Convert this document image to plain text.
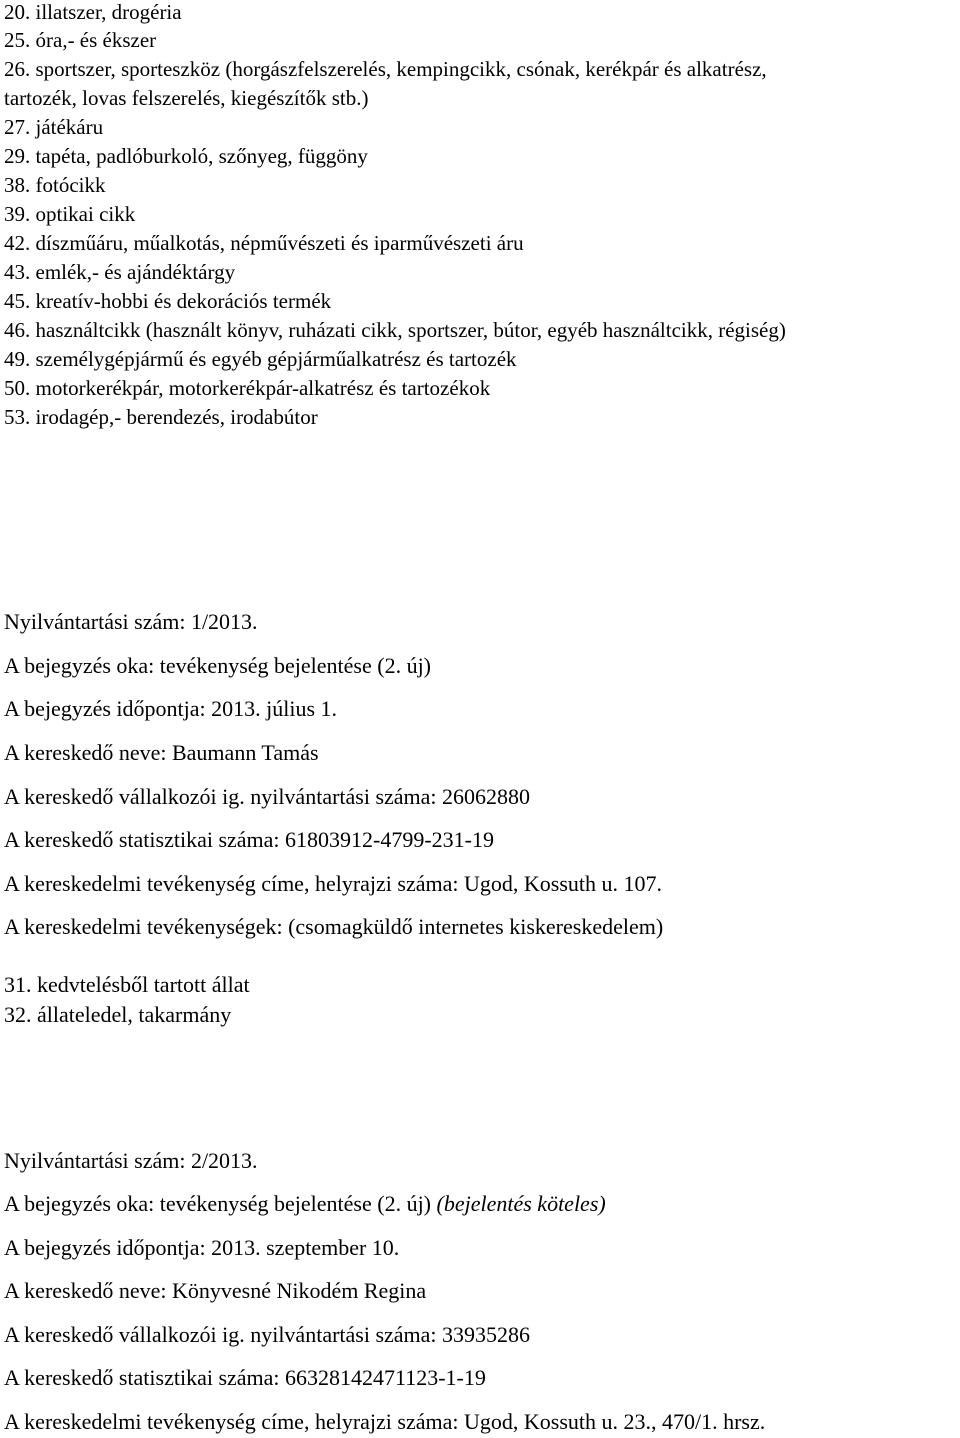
20. illatszer, drogéria
25. óra,- és ékszer
26. sportszer, sporteszköz (horgászfelszerelés, kempingcikk, csónak, kerékpár és alkatrész,
tartozék, lovas felszerelés, kiegészítők stb.)
27. játékáru
29. tapéta, padlóburkoló, szőnyeg, függöny
38. fotócikk
39. optikai cikk
42. díszműáru, műalkotás, népművészeti és iparművészeti áru
43. emlék,- és ajándéktárgy
45. kreatív-hobbi és dekorációs termék
46. használtcikk (használt könyv, ruházati cikk, sportszer, bútor, egyéb használtcikk, régiség)
49. személygépjármű és egyéb gépjárműalkatrész és tartozék
50. motorkerékpár, motorkerékpár-alkatrész és tartozékok
53. irodagép,- berendezés, irodabútor
Nyilvántartási szám: 1/2013.
A bejegyzés oka: tevékenység bejelentése (2. új)
A bejegyzés időpontja: 2013. július 1.
A kereskedő neve: Baumann Tamás
A kereskedő vállalkozói ig. nyilvántartási száma: 26062880
A kereskedő statisztikai száma: 61803912-4799-231-19
A kereskedelmi tevékenység címe, helyrajzi száma: Ugod, Kossuth u. 107.
A kereskedelmi tevékenységek: (csomagküldő internetes kiskereskedelem)
31. kedvtelésből tartott állat
32. állateledel, takarmány
Nyilvántartási szám: 2/2013.
A bejegyzés oka: tevékenység bejelentése (2. új) (bejelentés köteles)
A bejegyzés időpontja: 2013. szeptember 10.
A kereskedő neve: Könyvesné Nikodém Regina
A kereskedő vállalkozói ig. nyilvántartási száma: 33935286
A kereskedő statisztikai száma: 66328142471123-1-19
A kereskedelmi tevékenység címe, helyrajzi száma: Ugod, Kossuth u. 23., 470/1. hrsz.
